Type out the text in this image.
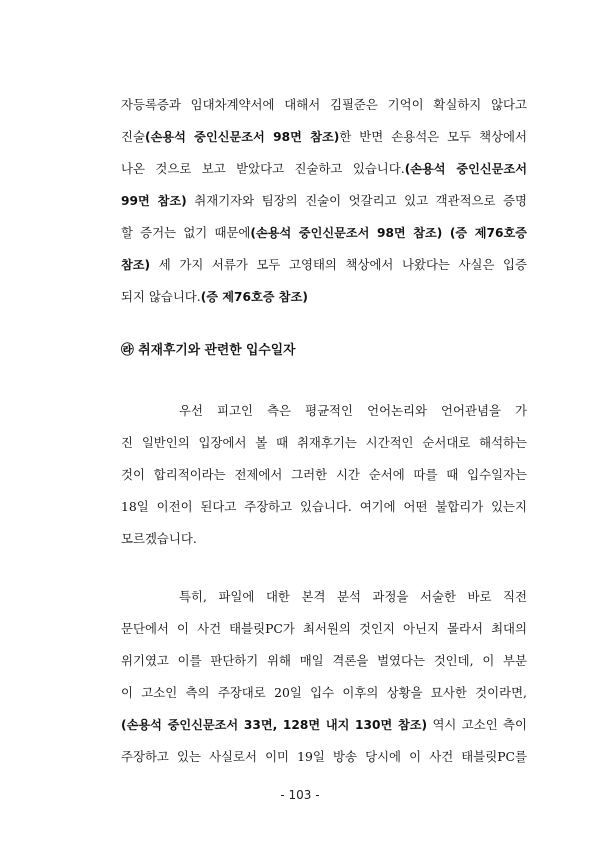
자등록증과 임대차계약서에 대해서 김필준은 기억이 확실하지 않다고
진술(손용석 중인신문조서 98면 참조)한 반면 손용석은 모두 책상에서
나온 것으로 보고 받았다고 진술하고 있습니다.(손용석 중인신문조서
99면 참조) 취재기자와 팀장의 진술이 엇갈리고 있고 객관적으로 증명
할 증거는 없기 때문에(손용석 중인신문조서 98면 참조) (증 제76호증
참조) 세 가지 서류가 모두 고영태의 책상에서 나왔다는 사실은 입증
되지 않습니다.(증 제76호증 참조)
㉱ 취재후기와 관련한 입수일자
우선 피고인 측은 평균적인 언어논리와 언어관념을 가
진 일반인의 입장에서 볼 때 취재후기는 시간적인 순서대로 해석하는
것이 합리적이라는 전제에서 그러한 시간 순서에 따를 때 입수일자는
18일 이전이 된다고 주장하고 있습니다. 여기에 어떤 불합리가 있는지
모르겠습니다.
특히, 파일에 대한 본격 분석 과정을 서술한 바로 직전
문단에서 이 사건 태블릿PC가 최서원의 것인지 아닌지 몰라서 최대의
위기였고 이를 판단하기 위해 매일 격론을 벌였다는 것인데, 이 부분
이 고소인 측의 주장대로 20일 입수 이후의 상황을 묘사한 것이라면,
(손용석 중인신문조서 33면, 128면 내지 130면 참조) 역시 고소인 측이
주장하고 있는 사실로서 이미 19일 방송 당시에 이 사건 태블릿PC를
- 103 -
